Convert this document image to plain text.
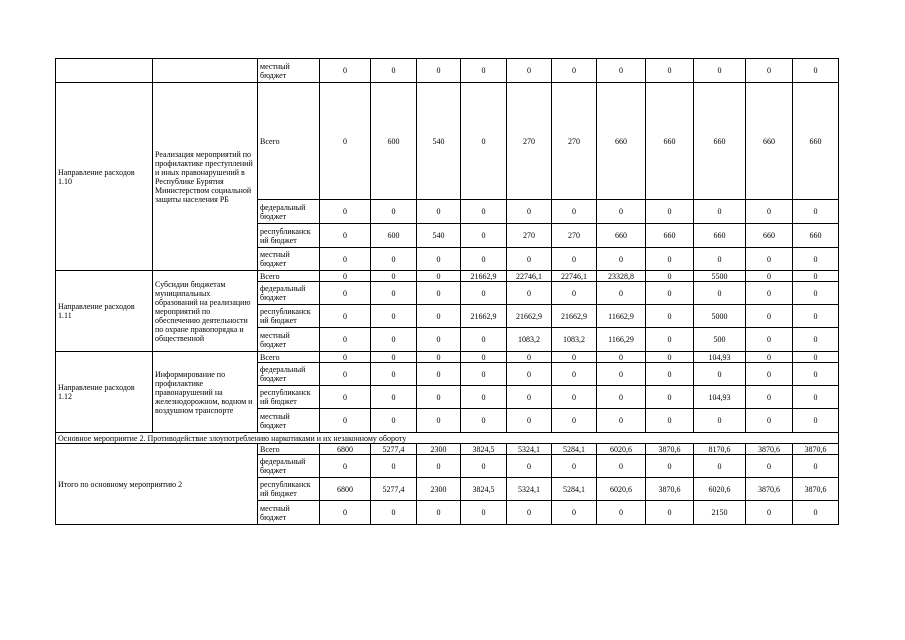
		местный бюджет	0	0	0	0	0	0	0	0	0	0	0
Направление расходов 1.10	Реализация мероприятий по профилактике преступлений и иных правонарушений в Республике Бурятия Министерством социальной защиты населения РБ	Всего	0	600	540	0	270	270	660	660	660	660	660
		федеральный бюджет	0	0	0	0	0	0	0	0	0	0	0
		республиканск ий бюджет	0	600	540	0	270	270	660	660	660	660	660
		местный бюджет	0	0	0	0	0	0	0	0	0	0	0
Направление расходов 1.11	Субсидии бюджетам муниципальных образований на реализацию мероприятий по обеспечению деятельности по охране правопорядка и общественной	Всего	0	0	0	21662,9	22746,1	22746,1	23328,8	0	5500	0	0
		федеральный бюджет	0	0	0	0	0	0	0	0	0	0	0
		республиканск ий бюджет	0	0	0	21662,9	21662,9	21662,9	11662,9	0	5000	0	0
		местный бюджет	0	0	0	0	1083,2	1083,2	1166,29	0	500	0	0
Направление расходов 1.12	Информирование по профилактике правонарушений на железнодорожном, водном и воздушном транспорте	Всего	0	0	0	0	0	0	0	0	104,93	0	0
		федеральный бюджет	0	0	0	0	0	0	0	0	0	0	0
		республиканск ий бюджет	0	0	0	0	0	0	0	0	104,93	0	0
		местный бюджет	0	0	0	0	0	0	0	0	0	0	0
Основное мероприятие 2. Противодействие злоупотреблению наркотиками и их незаконному обороту													
Итого по основному мероприятию 2		Всего	6800	5277,4	2300	3824,5	5324,1	5284,1	6020,6	3870,6	8170,6	3870,6	3870,6
		федеральный бюджет	0	0	0	0	0	0	0	0	0	0	0
		республиканск ий бюджет	6800	5277,4	2300	3824,5	5324,1	5284,1	6020,6	3870,6	6020,6	3870,6	3870,6
		местный бюджет	0	0	0	0	0	0	0	0	2150	0	0
